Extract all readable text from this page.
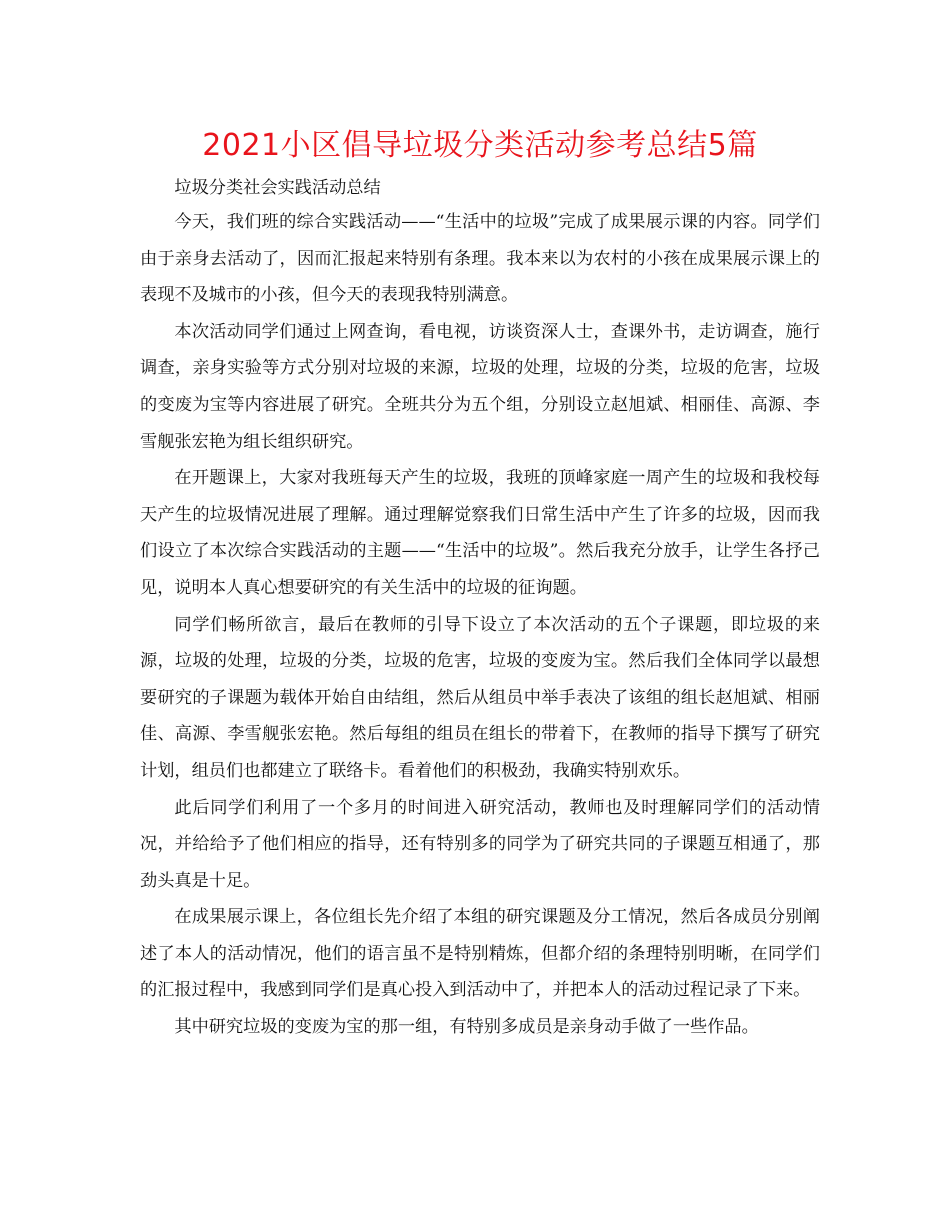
2021小区倡导垃圾分类活动参考总结5篇

垃圾分类社会实践活动总结

今天，我们班的综合实践活动——“生活中的垃圾”完成了成果展示课的内容。同学们由于亲身去活动了，因而汇报起来特别有条理。我本来以为农村的小孩在成果展示课上的表现不及城市的小孩，但今天的表现我特别满意。

本次活动同学们通过上网查询，看电视，访谈资深人士，查课外书，走访调查，施行调查，亲身实验等方式分别对垃圾的来源，垃圾的处理，垃圾的分类，垃圾的危害，垃圾的变废为宝等内容进展了研究。全班共分为五个组，分别设立赵旭斌、相丽佳、高源、李雪舰张宏艳为组长组织研究。

在开题课上，大家对我班每天产生的垃圾，我班的顶峰家庭一周产生的垃圾和我校每天产生的垃圾情况进展了理解。通过理解觉察我们日常生活中产生了许多的垃圾，因而我们设立了本次综合实践活动的主题——“生活中的垃圾”。然后我充分放手，让学生各抒己见，说明本人真心想要研究的有关生活中的垃圾的征询题。

同学们畅所欲言，最后在教师的引导下设立了本次活动的五个子课题，即垃圾的来源，垃圾的处理，垃圾的分类，垃圾的危害，垃圾的变废为宝。然后我们全体同学以最想要研究的子课题为载体开始自由结组，然后从组员中举手表决了该组的组长赵旭斌、相丽佳、高源、李雪舰张宏艳。然后每组的组员在组长的带着下，在教师的指导下撰写了研究计划，组员们也都建立了联络卡。看着他们的积极劲，我确实特别欢乐。

此后同学们利用了一个多月的时间进入研究活动，教师也及时理解同学们的活动情况，并给给予了他们相应的指导，还有特别多的同学为了研究共同的子课题互相通了，那劲头真是十足。

在成果展示课上，各位组长先介绍了本组的研究课题及分工情况，然后各成员分别阐述了本人的活动情况，他们的语言虽不是特别精炼，但都介绍的条理特别明晰，在同学们的汇报过程中，我感到同学们是真心投入到活动中了，并把本人的活动过程记录了下来。

其中研究垃圾的变废为宝的那一组，有特别多成员是亲身动手做了一些作品。
